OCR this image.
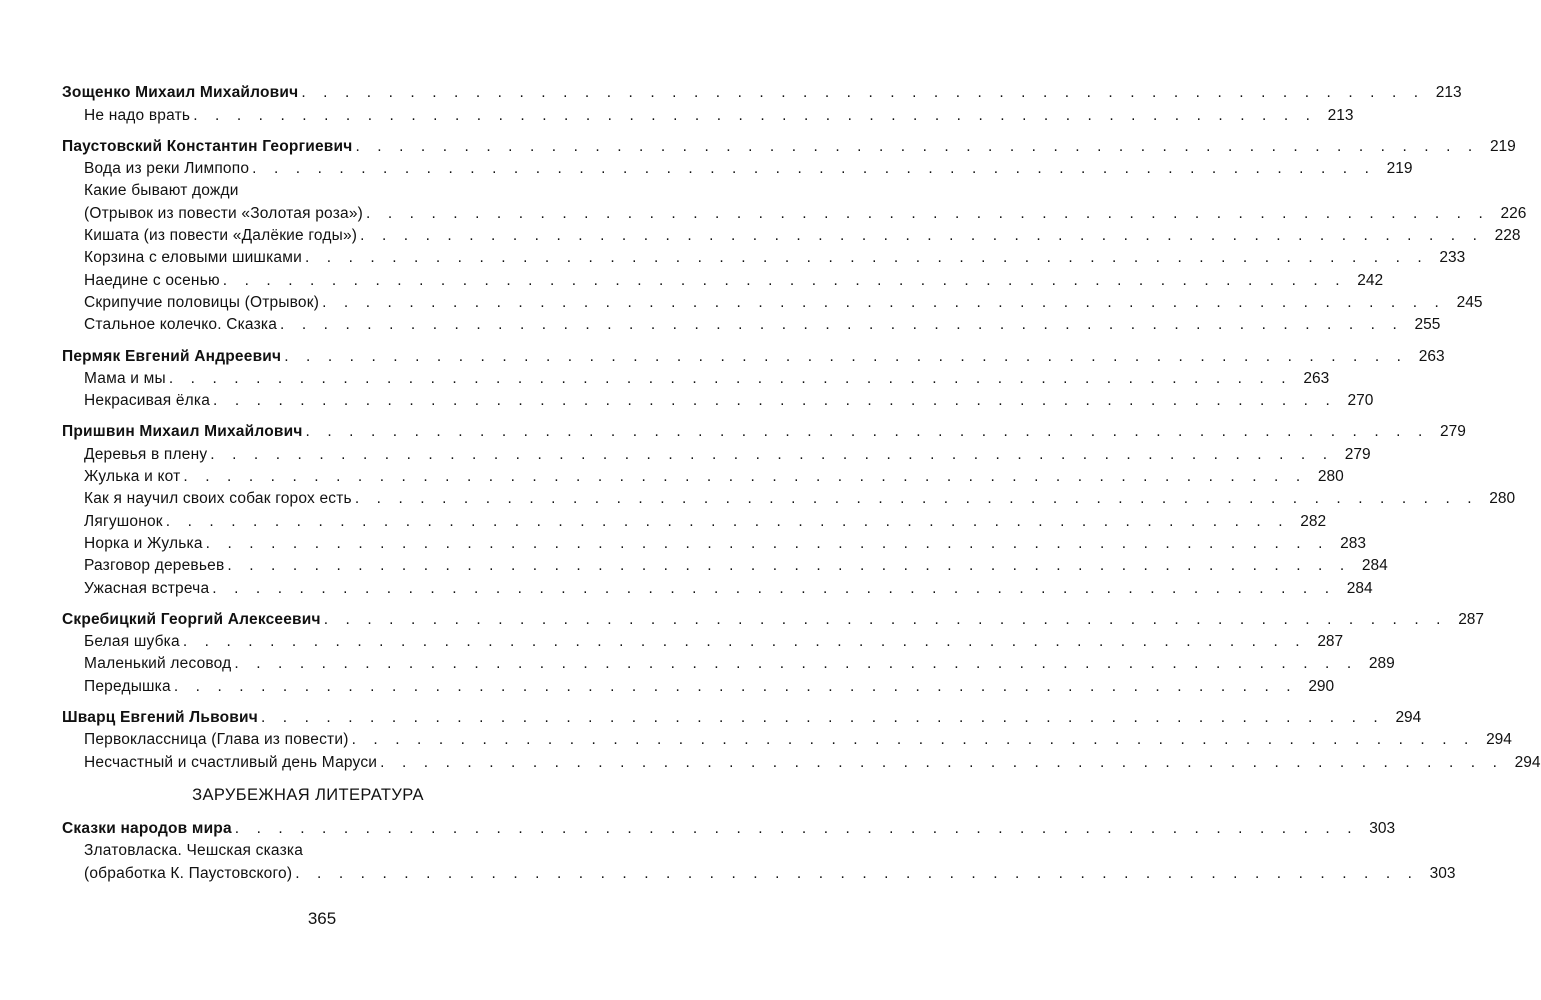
Зощенко Михаил Михайлович . . . . . . . . . . . . . . . . . . . . . . . . . . . . . . . . . . . . . . . . . . . . . . . . . . . . 213
Не надо врать . . . . . . . . . . . . . . . . . . . . . . . . . . . . . . . . . . . . . . . . . . . . . . . . . . . . 213
Паустовский Константин Георгиевич . . . . . . . . . . . . . . . . . . . . . . . . . . . . . . . . . . . . . . . . . . . . . . . . . . . . 219
Вода из реки Лимпопо . . . . . . . . . . . . . . . . . . . . . . . . . . . . . . . . . . . . . . . . . . . . . . . . . . . . 219
Какие бывают дожди
(Отрывок из повести «Золотая роза») . . . . . . . . . . . . . . . . . . . . . . . . . . . . . . . . . . . . . . . . . . . . . . . . . . . . 226
Кишата (из повести «Далёкие годы») . . . . . . . . . . . . . . . . . . . . . . . . . . . . . . . . . . . . . . . . . . . . . . . . . . . . 228
Корзина с еловыми шишками . . . . . . . . . . . . . . . . . . . . . . . . . . . . . . . . . . . . . . . . . . . . . . . . . . . . 233
Наедине с осенью . . . . . . . . . . . . . . . . . . . . . . . . . . . . . . . . . . . . . . . . . . . . . . . . . . . . 242
Скрипучие половицы (Отрывок) . . . . . . . . . . . . . . . . . . . . . . . . . . . . . . . . . . . . . . . . . . . . . . . . . . . . 245
Стальное колечко. Сказка . . . . . . . . . . . . . . . . . . . . . . . . . . . . . . . . . . . . . . . . . . . . . . . . . . . . 255
Пермяк Евгений Андреевич . . . . . . . . . . . . . . . . . . . . . . . . . . . . . . . . . . . . . . . . . . . . . . . . . . . . 263
Мама и мы . . . . . . . . . . . . . . . . . . . . . . . . . . . . . . . . . . . . . . . . . . . . . . . . . . . . 263
Некрасивая ёлка . . . . . . . . . . . . . . . . . . . . . . . . . . . . . . . . . . . . . . . . . . . . . . . . . . . . 270
Пришвин Михаил Михайлович . . . . . . . . . . . . . . . . . . . . . . . . . . . . . . . . . . . . . . . . . . . . . . . . . . . . 279
Деревья в плену . . . . . . . . . . . . . . . . . . . . . . . . . . . . . . . . . . . . . . . . . . . . . . . . . . . . 279
Жулька и кот . . . . . . . . . . . . . . . . . . . . . . . . . . . . . . . . . . . . . . . . . . . . . . . . . . . . 280
Как я научил своих собак горох есть . . . . . . . . . . . . . . . . . . . . . . . . . . . . . . . . . . . . . . . . . . . . . . . . . . . . 280
Лягушонок . . . . . . . . . . . . . . . . . . . . . . . . . . . . . . . . . . . . . . . . . . . . . . . . . . . . 282
Норка и Жулька . . . . . . . . . . . . . . . . . . . . . . . . . . . . . . . . . . . . . . . . . . . . . . . . . . . . 283
Разговор деревьев . . . . . . . . . . . . . . . . . . . . . . . . . . . . . . . . . . . . . . . . . . . . . . . . . . . . 284
Ужасная встреча . . . . . . . . . . . . . . . . . . . . . . . . . . . . . . . . . . . . . . . . . . . . . . . . . . . . 284
Скребицкий Георгий Алексеевич . . . . . . . . . . . . . . . . . . . . . . . . . . . . . . . . . . . . . . . . . . . . . . . . . . . . 287
Белая шубка . . . . . . . . . . . . . . . . . . . . . . . . . . . . . . . . . . . . . . . . . . . . . . . . . . . . 287
Маленький лесовод . . . . . . . . . . . . . . . . . . . . . . . . . . . . . . . . . . . . . . . . . . . . . . . . . . . . 289
Передышка . . . . . . . . . . . . . . . . . . . . . . . . . . . . . . . . . . . . . . . . . . . . . . . . . . . . 290
Шварц Евгений Львович . . . . . . . . . . . . . . . . . . . . . . . . . . . . . . . . . . . . . . . . . . . . . . . . . . . . 294
Первоклассница (Глава из повести) . . . . . . . . . . . . . . . . . . . . . . . . . . . . . . . . . . . . . . . . . . . . . . . . . . . . 294
Несчастный и счастливый день Маруси . . . . . . . . . . . . . . . . . . . . . . . . . . . . . . . . . . . . . . . . . . . . . . . . . . . . 294
ЗАРУБЕЖНАЯ ЛИТЕРАТУРА
Сказки народов мира . . . . . . . . . . . . . . . . . . . . . . . . . . . . . . . . . . . . . . . . . . . . . . . . . . . . 303
Златовласка. Чешская сказка
(обработка К. Паустовского) . . . . . . . . . . . . . . . . . . . . . . . . . . . . . . . . . . . . . . . . . . . . . . . . . . . . 303
365
